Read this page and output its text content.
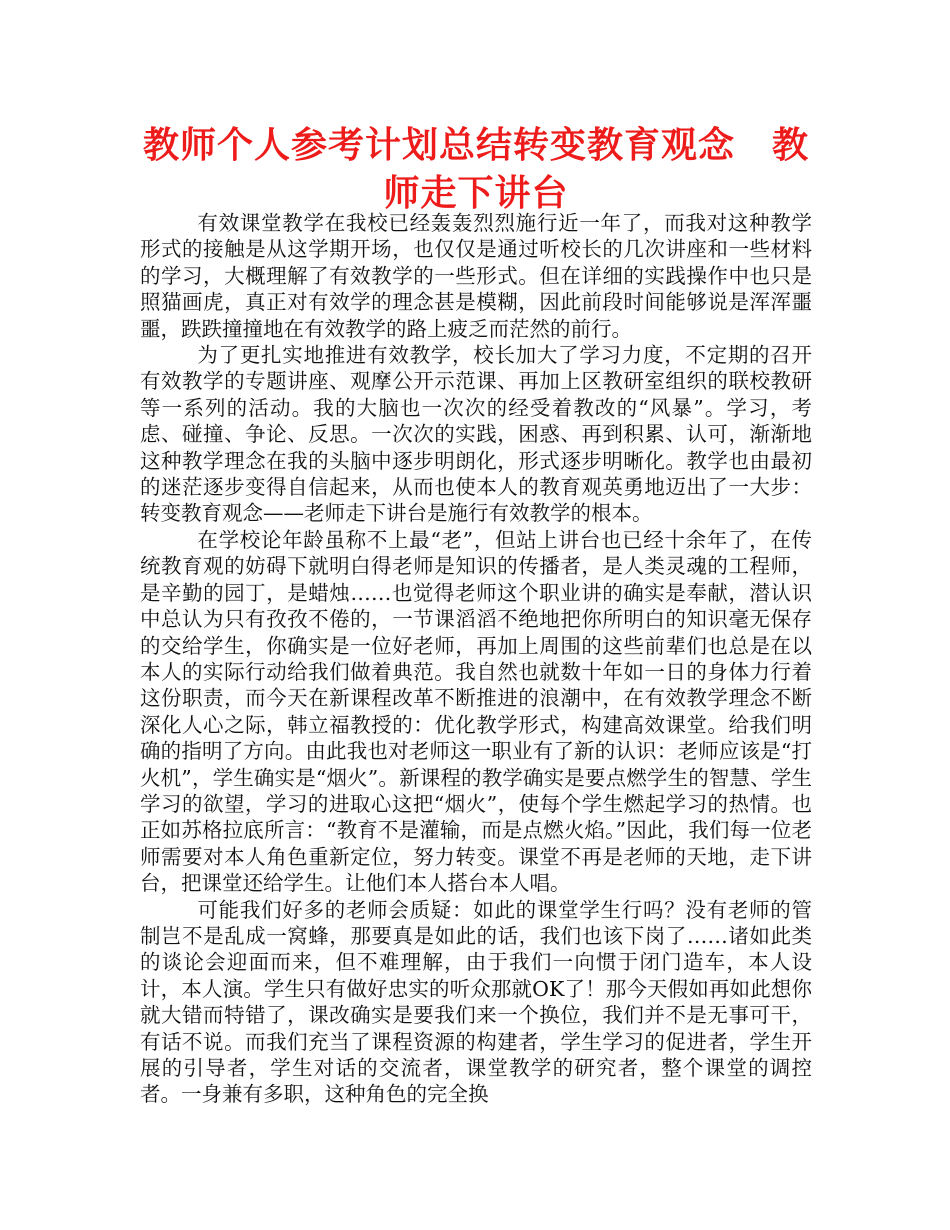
教师个人参考计划总结转变教育观念　教师走下讲台

有效课堂教学在我校已经轰轰烈烈施行近一年了，而我对这种教学形式的接触是从这学期开场，也仅仅是通过听校长的几次讲座和一些材料的学习，大概理解了有效教学的一些形式。但在详细的实践操作中也只是照猫画虎，真正对有效学的理念甚是模糊，因此前段时间能够说是浑浑噩噩，跌跌撞撞地在有效教学的路上疲乏而茫然的前行。

为了更扎实地推进有效教学，校长加大了学习力度，不定期的召开有效教学的专题讲座、观摩公开示范课、再加上区教研室组织的联校教研等一系列的活动。我的大脑也一次次的经受着教改的“风暴”。学习，考虑、碰撞、争论、反思。一次次的实践，困惑、再到积累、认可，渐渐地这种教学理念在我的头脑中逐步明朗化，形式逐步明晰化。教学也由最初的迷茫逐步变得自信起来，从而也使本人的教育观英勇地迈出了一大步：转变教育观念——老师走下讲台是施行有效教学的根本。

在学校论年龄虽称不上最“老”，但站上讲台也已经十余年了，在传统教育观的妨碍下就明白得老师是知识的传播者，是人类灵魂的工程师，是辛勤的园丁，是蜡烛……也觉得老师这个职业讲的确实是奉献，潜认识中总认为只有孜孜不倦的，一节课滔滔不绝地把你所明白的知识毫无保存的交给学生，你确实是一位好老师，再加上周围的这些前辈们也总是在以本人的实际行动给我们做着典范。我自然也就数十年如一日的身体力行着这份职责，而今天在新课程改革不断推进的浪潮中，在有效教学理念不断深化人心之际，韩立福教授的：优化教学形式，构建高效课堂。给我们明确的指明了方向。由此我也对老师这一职业有了新的认识：老师应该是“打火机”，学生确实是“烟火”。新课程的教学确实是要点燃学生的智慧、学生学习的欲望，学习的进取心这把“烟火”，使每个学生燃起学习的热情。也正如苏格拉底所言：“教育不是灌输，而是点燃火焰。”因此，我们每一位老师需要对本人角色重新定位，努力转变。课堂不再是老师的天地，走下讲台，把课堂还给学生。让他们本人搭台本人唱。

可能我们好多的老师会质疑：如此的课堂学生行吗？没有老师的管制岂不是乱成一窝蜂，那要真是如此的话，我们也该下岗了……诸如此类的谈论会迎面而来，但不难理解，由于我们一向惯于闭门造车，本人设计，本人演。学生只有做好忠实的听众那就OK了！那今天假如再如此想你就大错而特错了，课改确实是要我们来一个换位，我们并不是无事可干，有话不说。而我们充当了课程资源的构建者，学生学习的促进者，学生开展的引导者，学生对话的交流者，课堂教学的研究者，整个课堂的调控者。一身兼有多职，这种角色的完全换
